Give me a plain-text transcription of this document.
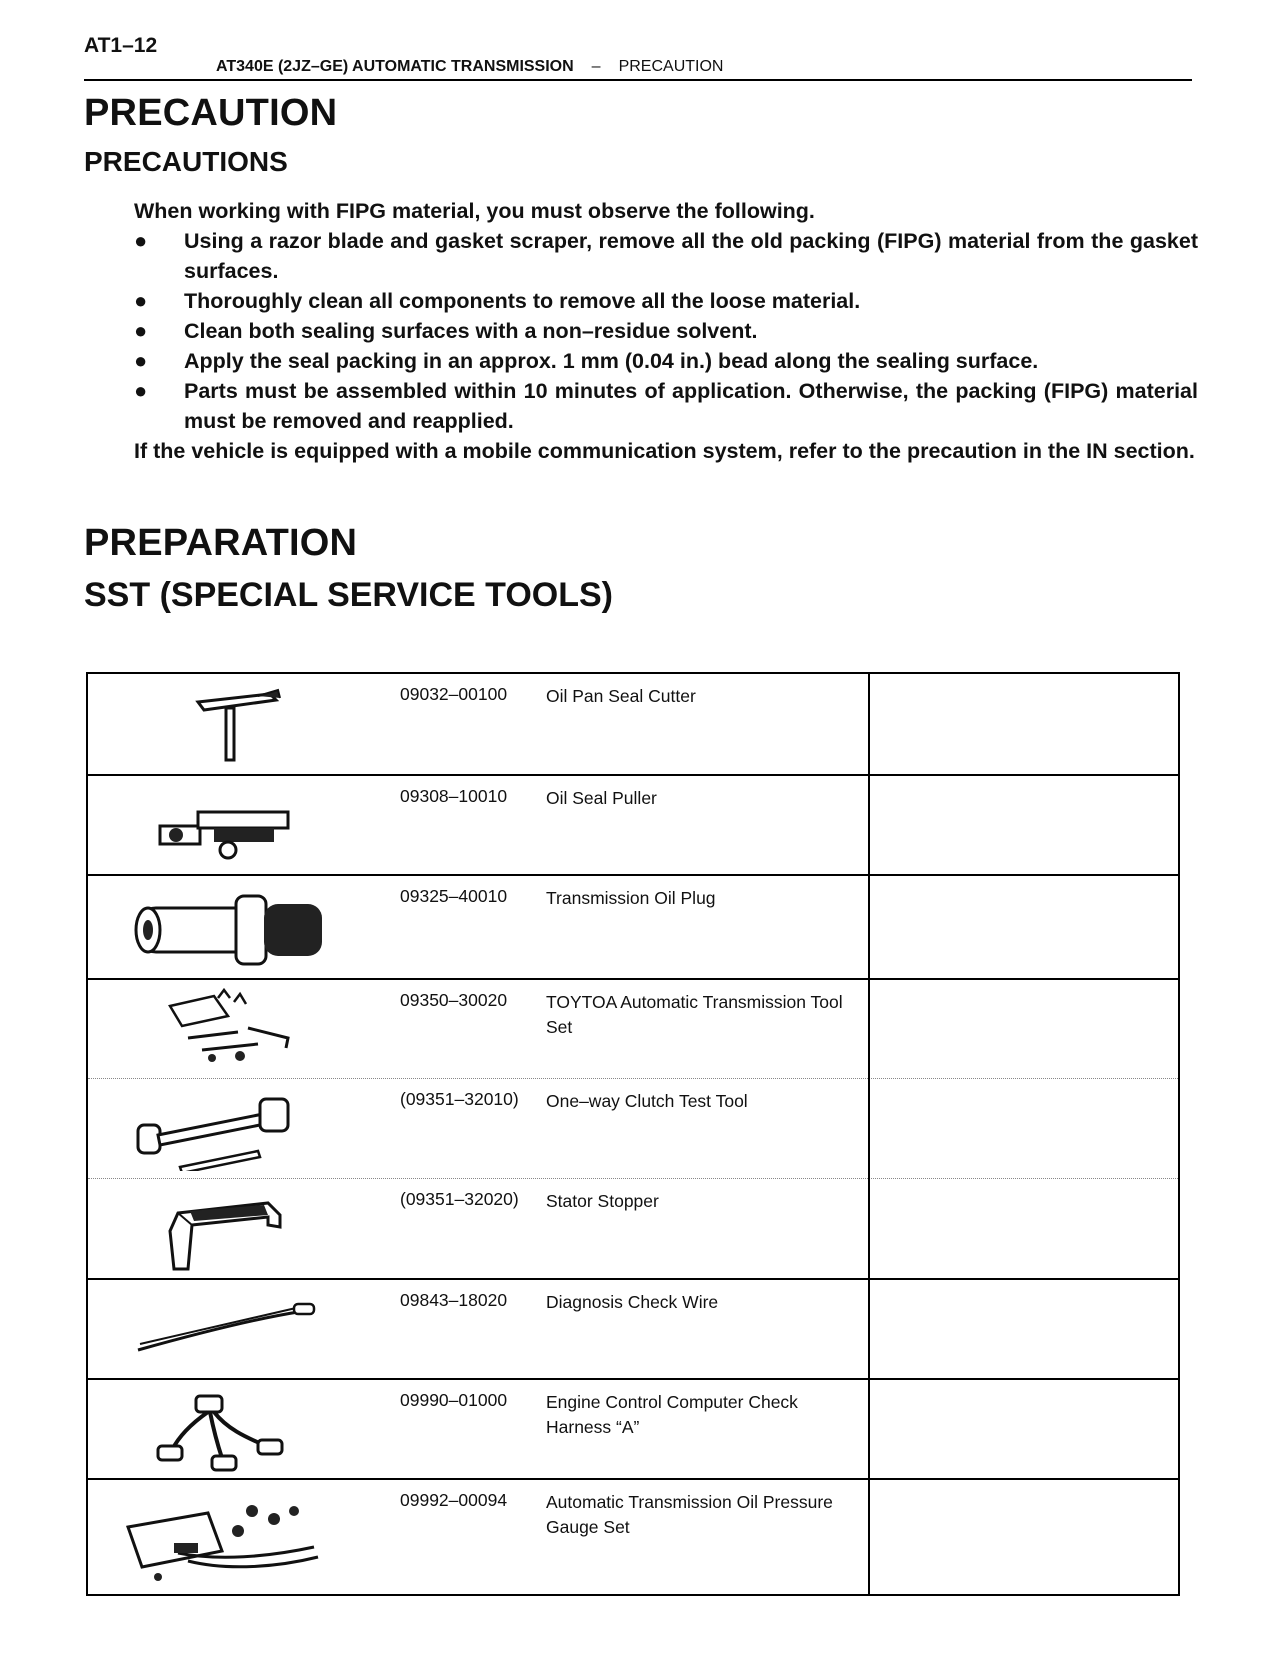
AT1–12
AT340E (2JZ–GE) AUTOMATIC TRANSMISSION – PRECAUTION
PRECAUTION
PRECAUTIONS

When working with FIPG material, you must observe the following.

● Using a razor blade and gasket scraper, remove all the old packing (FIPG) material from the gasket surfaces.
● Thoroughly clean all components to remove all the loose material.
● Clean both sealing surfaces with a non–residue solvent.
● Apply the seal packing in an approx. 1 mm (0.04 in.) bead along the sealing surface.
● Parts must be assembled within 10 minutes of application. Otherwise, the packing (FIPG) material must be removed and reapplied.

If the vehicle is equipped with a mobile communication system, refer to the precaution in the IN section.

PREPARATION
SST (SPECIAL SERVICE TOOLS)
09032–00100 Oil Pan Seal Cutter
09308–10010 Oil Seal Puller
09325–40010 Transmission Oil Plug
09350–30020 TOYTOA Automatic Transmission Tool Set
(09351–32010) One–way Clutch Test Tool
(09351–32020) Stator Stopper
09843–18020 Diagnosis Check Wire
09990–01000 Engine Control Computer Check Harness “A”
09992–00094 Automatic Transmission Oil Pressure Gauge Set
